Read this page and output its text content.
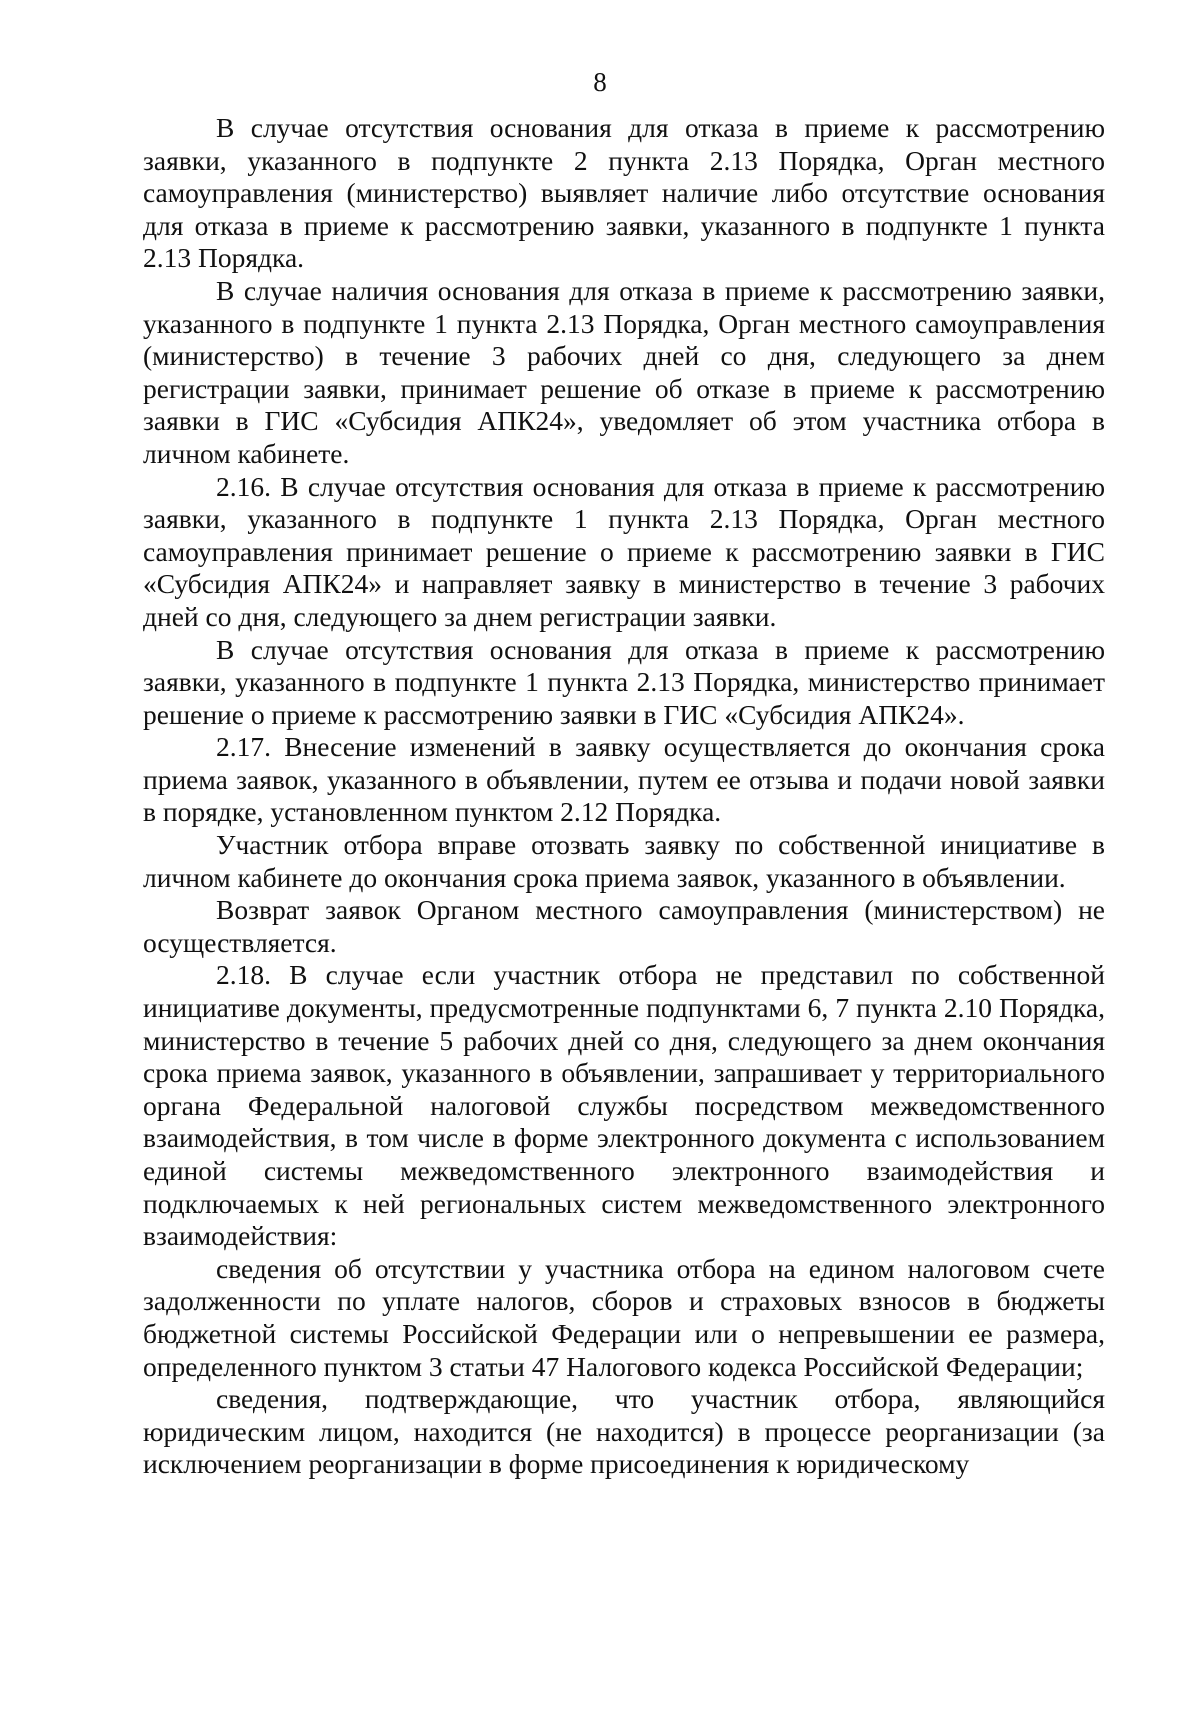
8

В случае отсутствия основания для отказа в приеме к рассмотрению заявки, указанного в подпункте 2 пункта 2.13 Порядка, Орган местного самоуправления (министерство) выявляет наличие либо отсутствие основания для отказа в приеме к рассмотрению заявки, указанного в подпункте 1 пункта 2.13 Порядка.

В случае наличия основания для отказа в приеме к рассмотрению заявки, указанного в подпункте 1 пункта 2.13 Порядка, Орган местного самоуправления (министерство) в течение 3 рабочих дней со дня, следующего за днем регистрации заявки, принимает решение об отказе в приеме к рассмотрению заявки в ГИС «Субсидия АПК24», уведомляет об этом участника отбора в личном кабинете.

2.16. В случае отсутствия основания для отказа в приеме к рассмотрению заявки, указанного в подпункте 1 пункта 2.13 Порядка, Орган местного самоуправления принимает решение о приеме к рассмотрению заявки в ГИС «Субсидия АПК24» и направляет заявку в министерство в течение 3 рабочих дней со дня, следующего за днем регистрации заявки.

В случае отсутствия основания для отказа в приеме к рассмотрению заявки, указанного в подпункте 1 пункта 2.13 Порядка, министерство принимает решение о приеме к рассмотрению заявки в ГИС «Субсидия АПК24».

2.17. Внесение изменений в заявку осуществляется до окончания срока приема заявок, указанного в объявлении, путем ее отзыва и подачи новой заявки в порядке, установленном пунктом 2.12 Порядка.

Участник отбора вправе отозвать заявку по собственной инициативе в личном кабинете до окончания срока приема заявок, указанного в объявлении.

Возврат заявок Органом местного самоуправления (министерством) не осуществляется.

2.18. В случае если участник отбора не представил по собственной инициативе документы, предусмотренные подпунктами 6, 7 пункта 2.10 Порядка, министерство в течение 5 рабочих дней со дня, следующего за днем окончания срока приема заявок, указанного в объявлении, запрашивает у территориального органа Федеральной налоговой службы посредством межведомственного взаимодействия, в том числе в форме электронного документа с использованием единой системы межведомственного электронного взаимодействия и подключаемых к ней региональных систем межведомственного электронного взаимодействия:

сведения об отсутствии у участника отбора на едином налоговом счете задолженности по уплате налогов, сборов и страховых взносов в бюджеты бюджетной системы Российской Федерации или о непревышении ее размера, определенного пунктом 3 статьи 47 Налогового кодекса Российской Федерации;

сведения, подтверждающие, что участник отбора, являющийся юридическим лицом, находится (не находится) в процессе реорганизации (за исключением реорганизации в форме присоединения к юридическому
